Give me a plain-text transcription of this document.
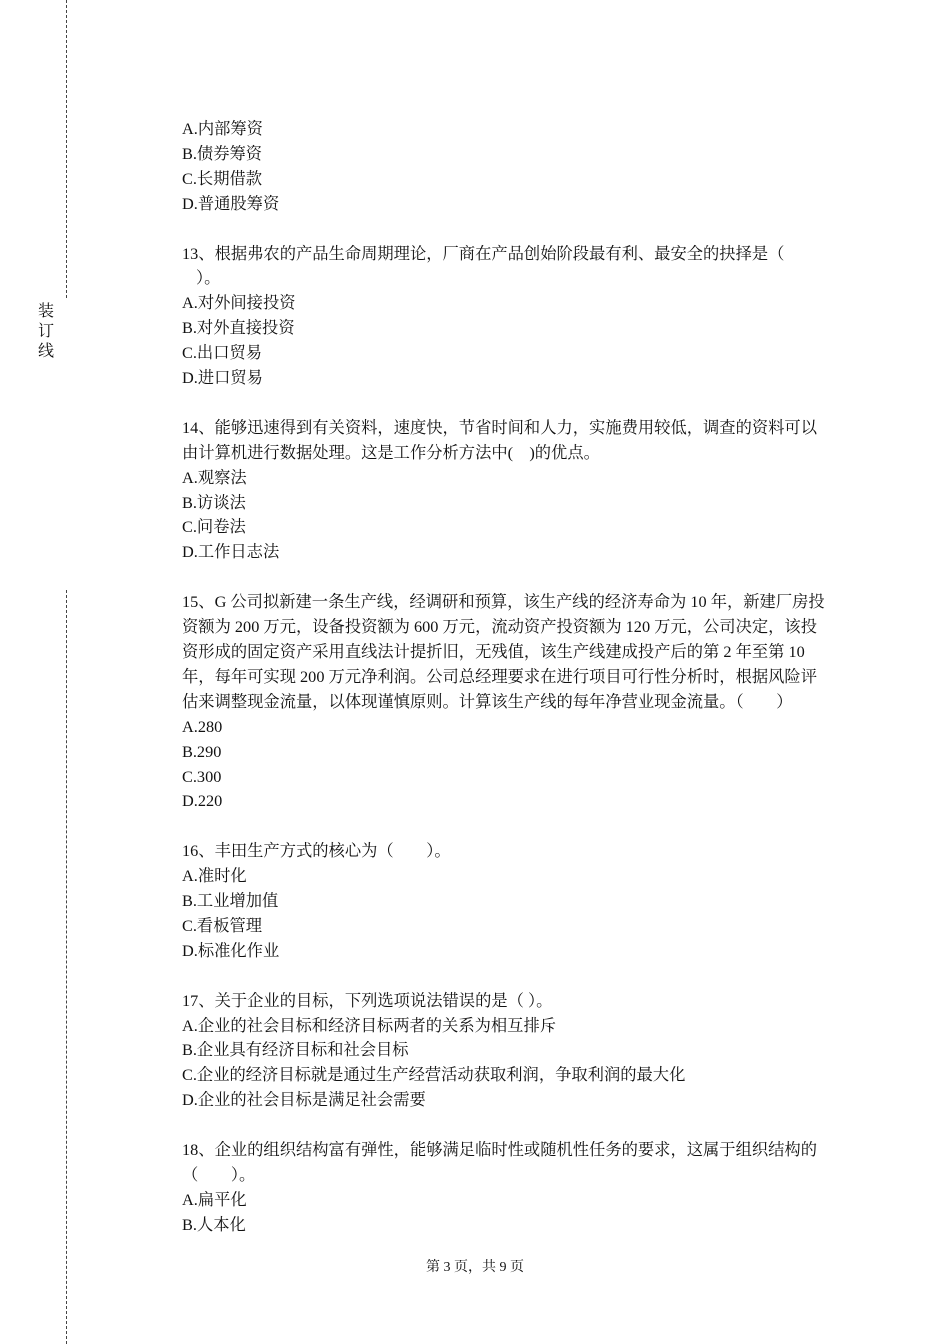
装
订
线
A.内部筹资
B.债券筹资
C.长期借款
D.普通股筹资
13、根据弗农的产品生命周期理论，厂商在产品创始阶段最有利、最安全的抉择是（
）。
A.对外间接投资
B.对外直接投资
C.出口贸易
D.进口贸易
14、能够迅速得到有关资料，速度快，节省时间和人力，实施费用较低，调查的资料可以
由计算机进行数据处理。这是工作分析方法中(　)的优点。
A.观察法
B.访谈法
C.问卷法
D.工作日志法
15、G 公司拟新建一条生产线，经调研和预算，该生产线的经济寿命为 10 年，新建厂房投
资额为 200 万元，设备投资额为 600 万元，流动资产投资额为 120 万元，公司决定，该投
资形成的固定资产采用直线法计提折旧，无残值，该生产线建成投产后的第 2 年至第 10
年，每年可实现 200 万元净利润。公司总经理要求在进行项目可行性分析时，根据风险评
估来调整现金流量，以体现谨慎原则。计算该生产线的每年净营业现金流量。（　　）
A.280
B.290
C.300
D.220
16、丰田生产方式的核心为（　　）。
A.准时化
B.工业增加值
C.看板管理
D.标准化作业
17、关于企业的目标，下列选项说法错误的是（ ）。
A.企业的社会目标和经济目标两者的关系为相互排斥
B.企业具有经济目标和社会目标
C.企业的经济目标就是通过生产经营活动获取利润，争取利润的最大化
D.企业的社会目标是满足社会需要
18、企业的组织结构富有弹性，能够满足临时性或随机性任务的要求，这属于组织结构的
（　　）。
A.扁平化
B.人本化
第 3 页，共 9 页
